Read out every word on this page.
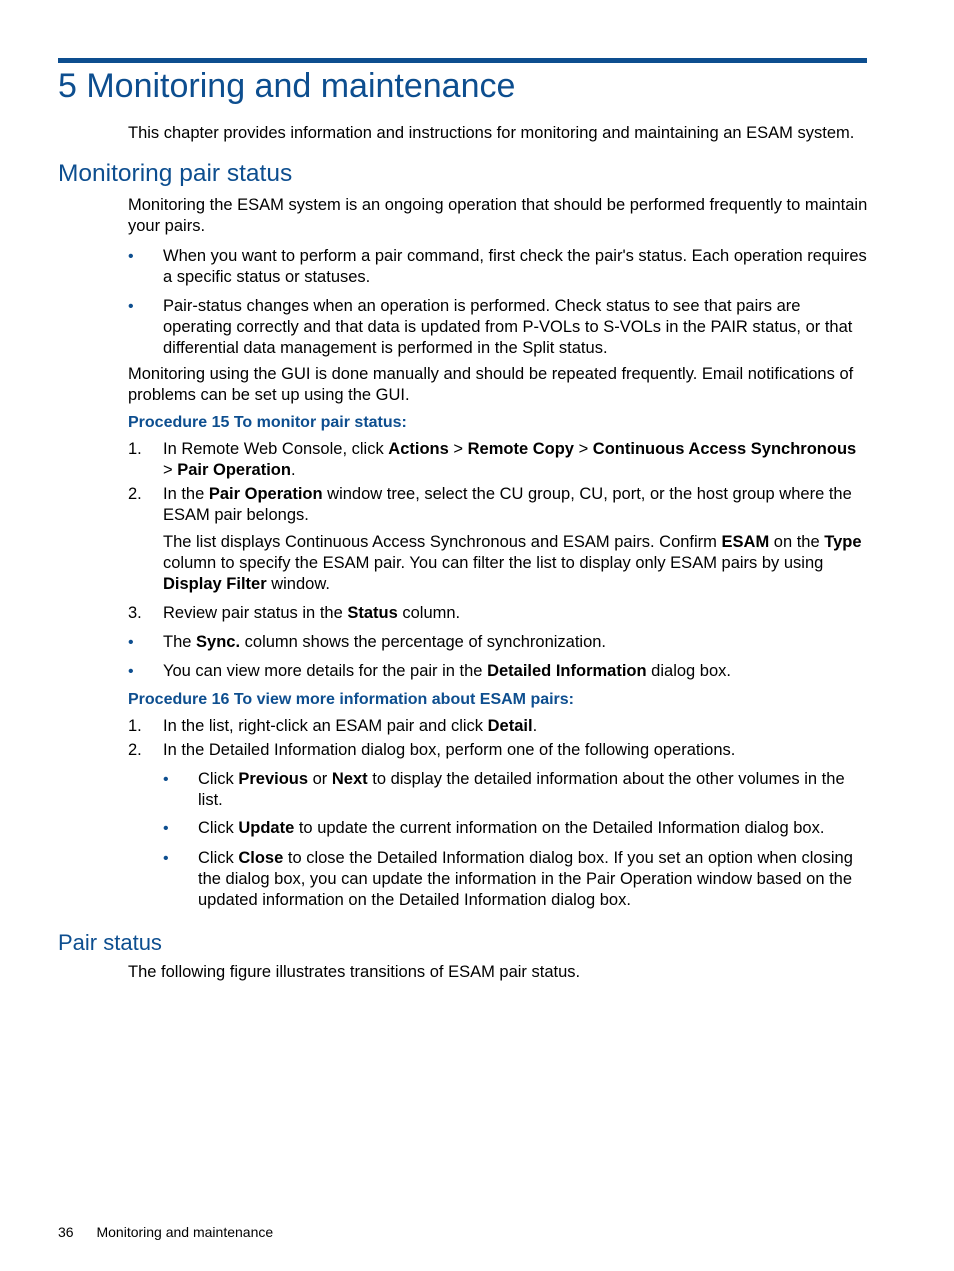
5 Monitoring and maintenance

This chapter provides information and instructions for monitoring and maintaining an ESAM system.

Monitoring pair status

Monitoring the ESAM system is an ongoing operation that should be performed frequently to maintain your pairs.

• When you want to perform a pair command, first check the pair's status. Each operation requires a specific status or statuses.
• Pair-status changes when an operation is performed. Check status to see that pairs are operating correctly and that data is updated from P-VOLs to S-VOLs in the PAIR status, or that differential data management is performed in the Split status.

Monitoring using the GUI is done manually and should be repeated frequently. Email notifications of problems can be set up using the GUI.

Procedure 15 To monitor pair status:
1. In Remote Web Console, click Actions > Remote Copy > Continuous Access Synchronous > Pair Operation.
2. In the Pair Operation window tree, select the CU group, CU, port, or the host group where the ESAM pair belongs.
The list displays Continuous Access Synchronous and ESAM pairs. Confirm ESAM on the Type column to specify the ESAM pair. You can filter the list to display only ESAM pairs by using Display Filter window.
3. Review pair status in the Status column.
• The Sync. column shows the percentage of synchronization.
• You can view more details for the pair in the Detailed Information dialog box.
Procedure 16 To view more information about ESAM pairs:
1. In the list, right-click an ESAM pair and click Detail.
2. In the Detailed Information dialog box, perform one of the following operations.
• Click Previous or Next to display the detailed information about the other volumes in the list.
• Click Update to update the current information on the Detailed Information dialog box.
• Click Close to close the Detailed Information dialog box. If you set an option when closing the dialog box, you can update the information in the Pair Operation window based on the updated information on the Detailed Information dialog box.
Pair status

The following figure illustrates transitions of ESAM pair status.

36 Monitoring and maintenance
